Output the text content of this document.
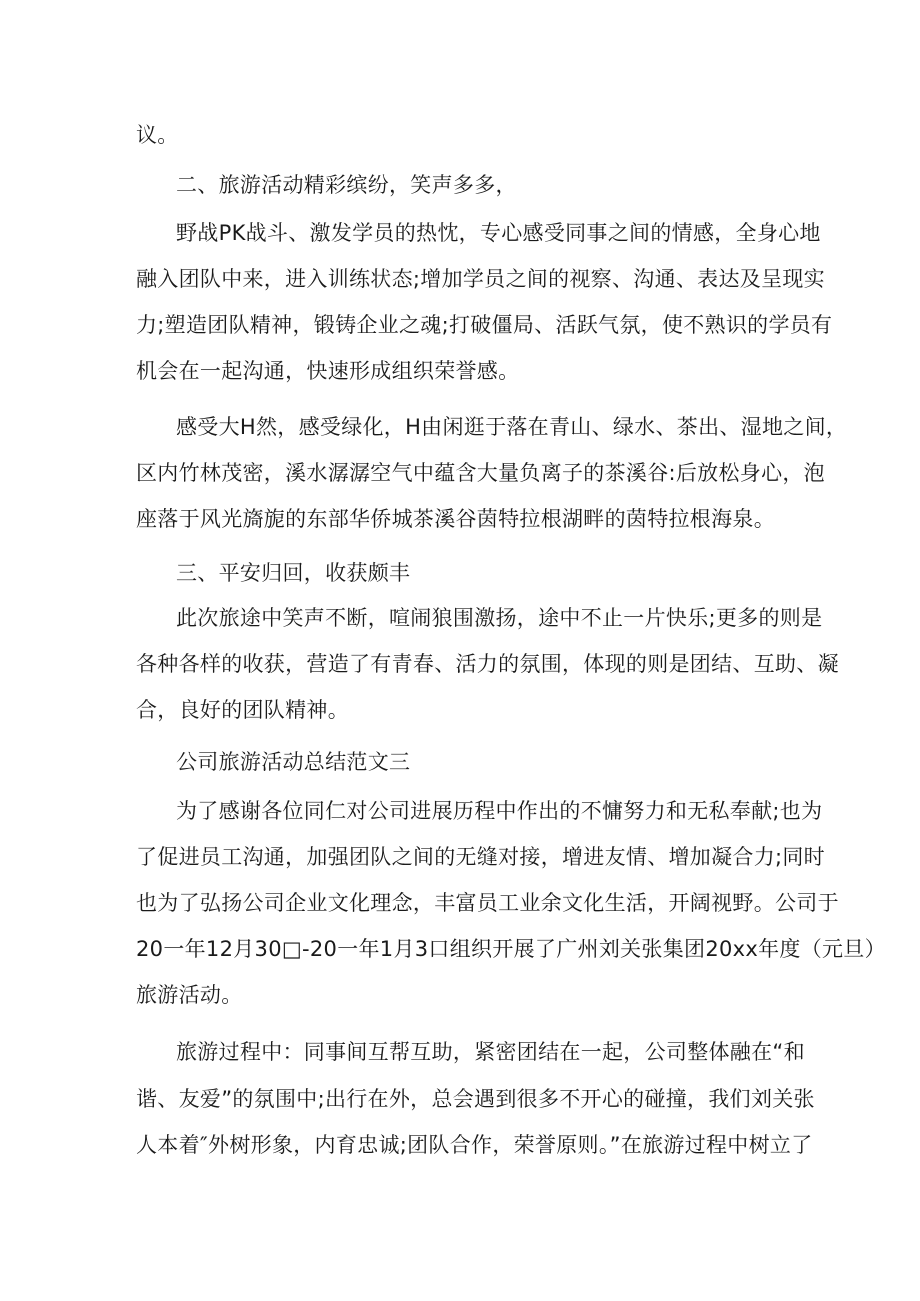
议。

二、旅游活动精彩缤纷，笑声多多，

野战PK战斗、激发学员的热忱，专心感受同事之间的情感，全身心地

融入团队中来，进入训练状态;增加学员之间的视察、沟通、表达及呈现实

力;塑造团队精神，锻铸企业之魂;打破僵局、活跃气氛，使不熟识的学员有

机会在一起沟通，快速形成组织荣誉感。

感受大H然，感受绿化，H由闲逛于落在青山、绿水、茶出、湿地之间，

区内竹林茂密，溪水潺潺空气中蕴含大量负离子的茶溪谷:后放松身心，泡

座落于风光旖旎的东部华侨城茶溪谷茵特拉根湖畔的茵特拉根海泉。

三、平安归回，收获颇丰

此次旅途中笑声不断，喧闹狼围激扬，途中不止一片快乐;更多的则是

各种各样的收获，营造了有青春、活力的氛围，体现的则是团结、互助、凝

合，良好的团队精神。

公司旅游活动总结范文三

为了感谢各位同仁对公司进展历程中作出的不慵努力和无私奉献;也为

了促进员工沟通，加强团队之间的无缝对接，增进友情、增加凝合力;同时

也为了弘扬公司企业文化理念，丰富员工业余文化生活，开阔视野。公司于

20一年12月30□-20一年1月3口组织开展了广州刘关张集团20xx年度（元旦）

旅游活动。

旅游过程中：同事间互帮互助，紧密团结在一起，公司整体融在“和

谐、友爱”的氛围中;出行在外，总会遇到很多不开心的碰撞，我们刘关张

人本着″外树形象，内育忠诚;团队合作，荣誉原则。”在旅游过程中树立了
